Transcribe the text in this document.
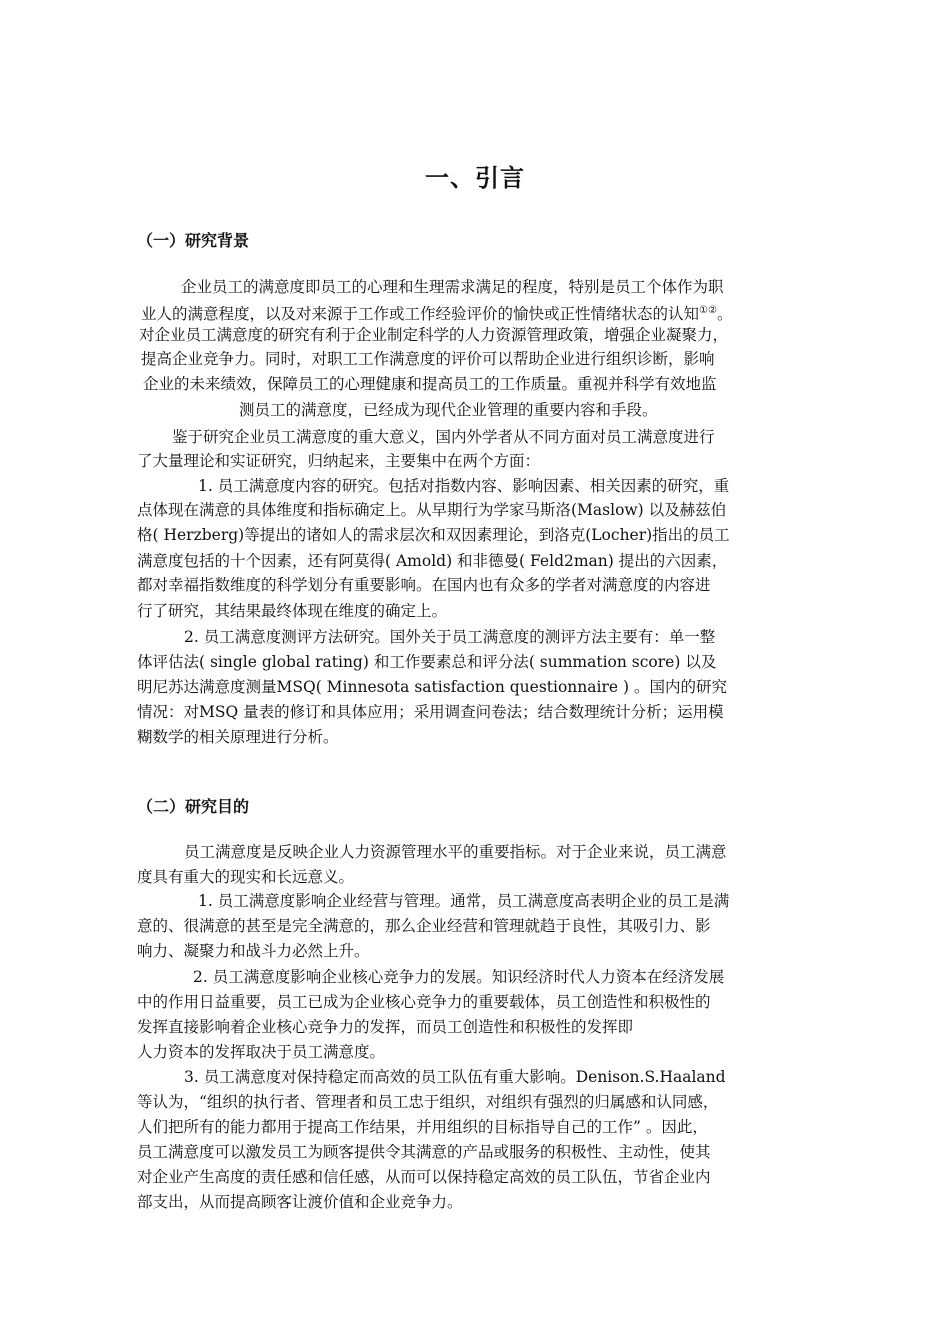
一、引言
（一）研究背景
企业员工的满意度即员工的心理和生理需求满足的程度，特别是员工个体作为职
业人的满意程度，以及对来源于工作或工作经验评价的愉快或正性情绪状态的认知①②。
对企业员工满意度的研究有利于企业制定科学的人力资源管理政策，增强企业凝聚力，
提高企业竞争力。同时，对职工工作满意度的评价可以帮助企业进行组织诊断，影响
企业的未来绩效，保障员工的心理健康和提高员工的工作质量。重视并科学有效地监
测员工的满意度，已经成为现代企业管理的重要内容和手段。
鉴于研究企业员工满意度的重大意义，国内外学者从不同方面对员工满意度进行
了大量理论和实证研究，归纳起来，主要集中在两个方面：
1. 员工满意度内容的研究。包括对指数内容、影响因素、相关因素的研究，重
点体现在满意的具体维度和指标确定上。从早期行为学家马斯洛(Maslow) 以及赫兹伯
格( Herzberg)等提出的诸如人的需求层次和双因素理论，到洛克(Locher)指出的员工
满意度包括的十个因素，还有阿莫得( Amold) 和非德曼( Feld2man) 提出的六因素，
都对幸福指数维度的科学划分有重要影响。在国内也有众多的学者对满意度的内容进
行了研究，其结果最终体现在维度的确定上。
2. 员工满意度测评方法研究。国外关于员工满意度的测评方法主要有：单一整
体评估法( single global rating) 和工作要素总和评分法( summation score) 以及
明尼苏达满意度测量MSQ( Minnesota satisfaction questionnaire ) 。国内的研究
情况：对MSQ 量表的修订和具体应用；采用调查问卷法；结合数理统计分析；运用模
糊数学的相关原理进行分析。
（二）研究目的
员工满意度是反映企业人力资源管理水平的重要指标。对于企业来说，员工满意
度具有重大的现实和长远意义。
1. 员工满意度影响企业经营与管理。通常，员工满意度高表明企业的员工是满
意的、很满意的甚至是完全满意的，那么企业经营和管理就趋于良性，其吸引力、影
响力、凝聚力和战斗力必然上升。
2. 员工满意度影响企业核心竞争力的发展。知识经济时代人力资本在经济发展
中的作用日益重要，员工已成为企业核心竞争力的重要载体，员工创造性和积极性的
发挥直接影响着企业核心竞争力的发挥，而员工创造性和积极性的发挥即
人力资本的发挥取决于员工满意度。
3. 员工满意度对保持稳定而高效的员工队伍有重大影响。Denison.S.Haaland
等认为，“组织的执行者、管理者和员工忠于组织，对组织有强烈的归属感和认同感，
人们把所有的能力都用于提高工作结果，并用组织的目标指导自己的工作” 。因此，
员工满意度可以激发员工为顾客提供令其满意的产品或服务的积极性、主动性，使其
对企业产生高度的责任感和信任感，从而可以保持稳定高效的员工队伍，节省企业内
部支出，从而提高顾客让渡价值和企业竞争力。
